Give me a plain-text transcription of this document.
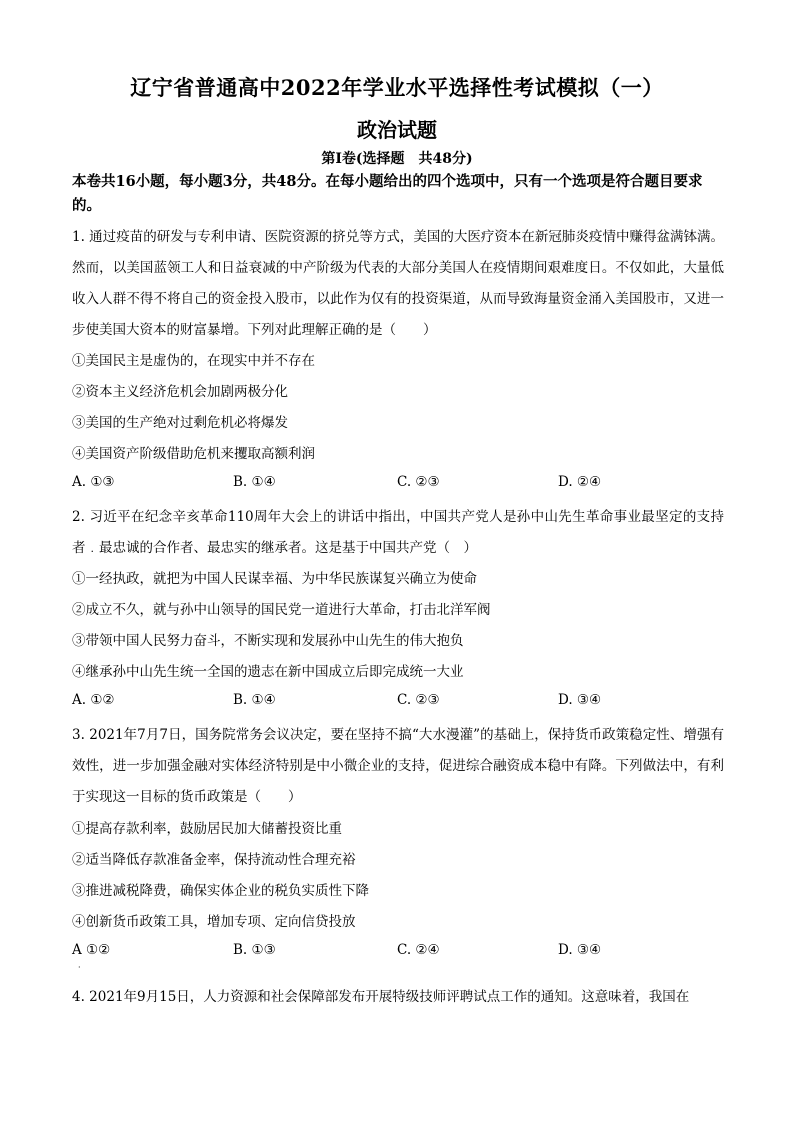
辽宁省普通高中2022年学业水平选择性考试模拟（一）
政治试题
第Ⅰ卷(选择题　共48分)
本卷共16小题，每小题3分，共48分。在每小题给出的四个选项中，只有一个选项是符合题目要求的。
1. 通过疫苗的研发与专利申请、医院资源的挤兑等方式，美国的大医疗资本在新冠肺炎疫情中赚得盆满钵满。然而，以美国蓝领工人和日益衰减的中产阶级为代表的大部分美国人在疫情期间艰难度日。不仅如此，大量低收入人群不得不将自己的资金投入股市，以此作为仅有的投资渠道，从而导致海量资金涌入美国股市，又进一步使美国大资本的财富暴增。下列对此理解正确的是（　　）
①美国民主是虚伪的，在现实中并不存在
②资本主义经济危机会加剧两极分化
③美国的生产绝对过剩危机必将爆发
④美国资产阶级借助危机来攫取高额利润
A. ①③	B. ①④	C. ②③	D. ②④
2. 习近平在纪念辛亥革命110周年大会上的讲话中指出，中国共产党人是孙中山先生革命事业最坚定的支持者﹒最忠诚的合作者、最忠实的继承者。这是基于中国共产党（　）
①一经执政，就把为中国人民谋幸福、为中华民族谋复兴确立为使命
②成立不久，就与孙中山领导的国民党一道进行大革命，打击北洋军阀
③带领中国人民努力奋斗，不断实现和发展孙中山先生的伟大抱负
④继承孙中山先生统一全国的遗志在新中国成立后即完成统一大业
A. ①②	B. ①④	C. ②③	D. ③④
3. 2021年7月7日，国务院常务会议决定，要在坚持不搞“大水漫灌”的基础上，保持货币政策稳定性、增强有效性，进一步加强金融对实体经济特别是中小微企业的支持，促进综合融资成本稳中有降。下列做法中，有利于实现这一目标的货币政策是（　　）
①提高存款利率，鼓励居民加大储蓄投资比重
②适当降低存款准备金率，保持流动性合理充裕
③推进减税降费，确保实体企业的税负实质性下降
④创新货币政策工具，增加专项、定向信贷投放
A ①②	B. ①③	C. ②④	D. ③④
·
4. 2021年9月15日，人力资源和社会保障部发布开展特级技师评聘试点工作的通知。这意味着，我国在
